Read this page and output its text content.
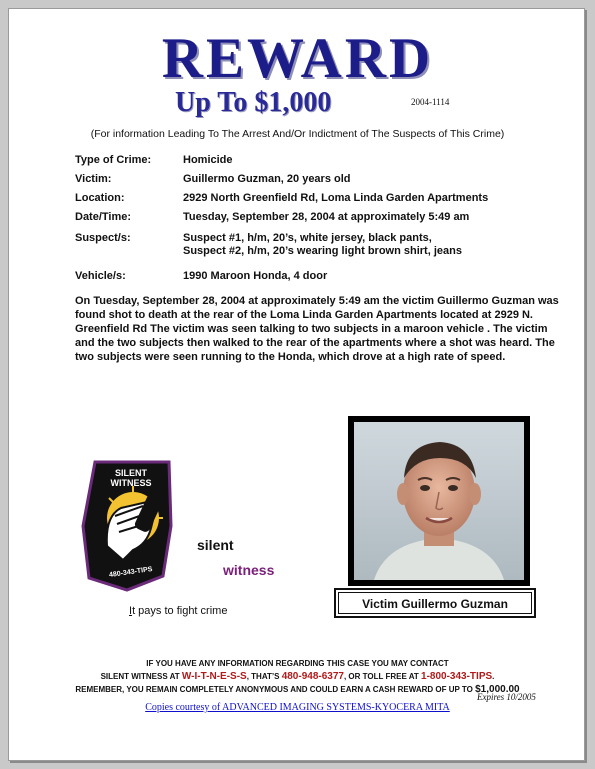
REWARD
Up To $1,000	2004-1114
(For information Leading To The Arrest And/Or Indictment of The Suspects of This Crime)
Type of Crime:	Homicide
Victim:	Guillermo Guzman, 20 years old
Location:	2929 North Greenfield Rd, Loma Linda Garden Apartments
Date/Time:	Tuesday, September 28, 2004 at approximately 5:49 am
Suspect/s:	Suspect #1, h/m, 20’s, white jersey, black pants,
Suspect #2, h/m, 20’s wearing light brown shirt, jeans
Vehicle/s:	1990 Maroon Honda, 4 door

On Tuesday, September 28, 2004 at approximately 5:49 am the victim Guillermo Guzman was found shot to death at the rear of the Loma Linda Garden Apartments located at 2929 N. Greenfield Rd The victim was seen talking to two subjects in a maroon vehicle . The victim and the two subjects then walked to the rear of the apartments where a shot was heard. The two subjects were seen running to the Honda, which drove at a high rate of speed.

SILENT
WITNESS
480-343-TIPS
silent
witness
It pays to fight crime	Victim Guillermo Guzman
IF YOU HAVE ANY INFORMATION REGARDING THIS CASE YOU MAY CONTACT
SILENT WITNESS AT W-I-T-N-E-S-S, THAT’S 480-948-6377, OR TOLL FREE AT 1-800-343-TIPS.
REMEMBER, YOU REMAIN COMPLETELY ANONYMOUS AND COULD EARN A CASH REWARD OF UP TO $1,000.00
Expires 10/2005
Copies courtesy of ADVANCED IMAGING SYSTEMS-KYOCERA MITA
